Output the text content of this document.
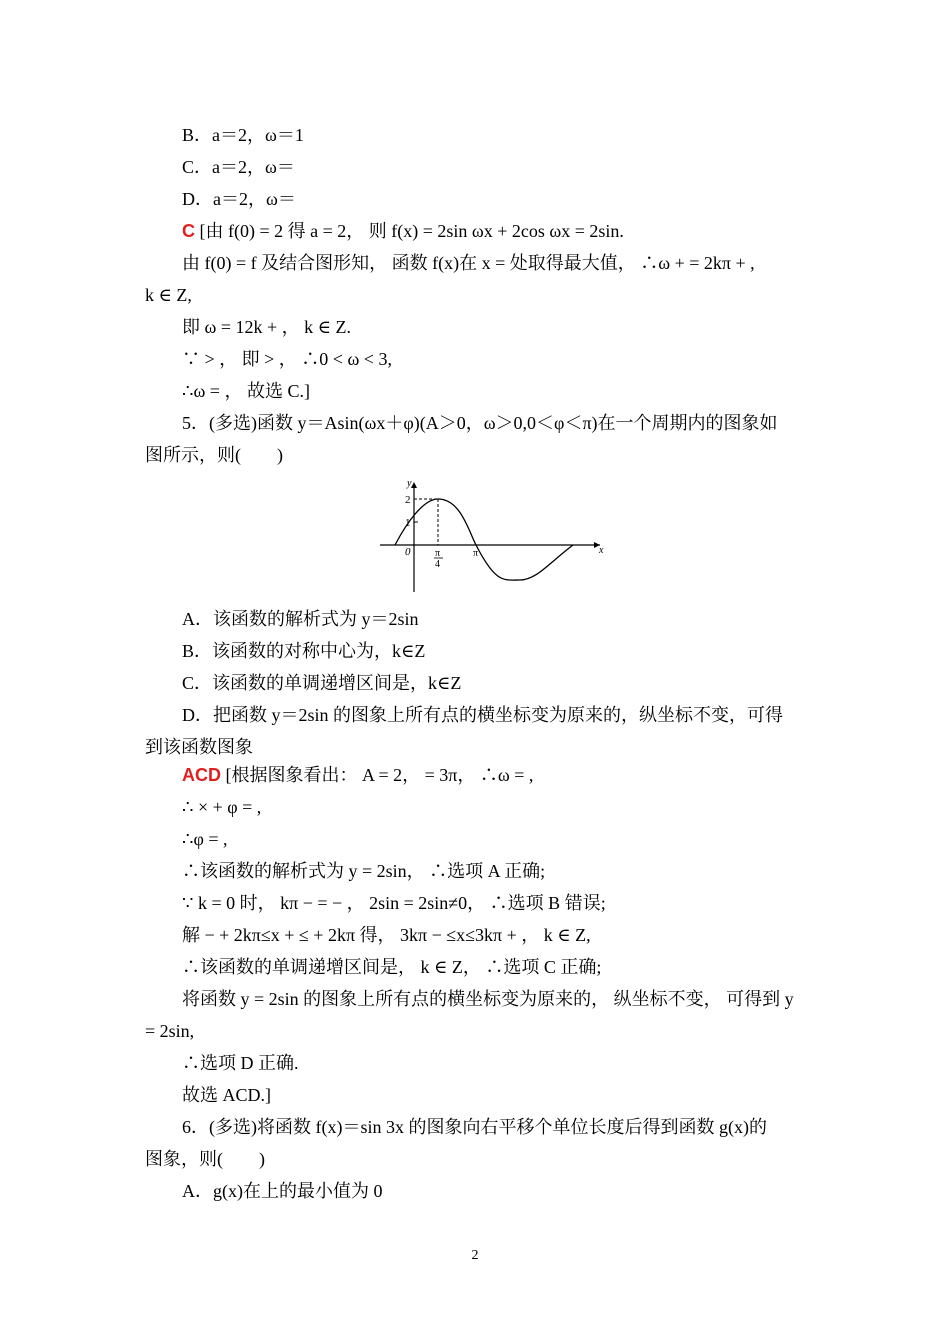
B．a＝2，ω＝1
C．a＝2，ω＝
D．a＝2，ω＝
C [由 f(0) = 2 得 a = 2， 则 f(x) = 2sin ωx + 2cos ωx = 2sin.
由 f(0) = f 及结合图形知， 函数 f(x)在 x = 处取得最大值， ∴ω + = 2kπ + ,
k ∈ Z,
即 ω = 12k + ， k ∈ Z.
∵ > ， 即 > ， ∴0 < ω < 3,
∴ω = ， 故选 C.]
5．(多选)函数 y＝Asin(ωx＋φ)(A＞0，ω＞0,0＜φ＜π)在一个周期内的图象如
图所示，则(　　)
y
x
2
1
0 π
4
π
A．该函数的解析式为 y＝2sin
B．该函数的对称中心为，k∈Z
C．该函数的单调递增区间是，k∈Z
D．把函数 y＝2sin 的图象上所有点的横坐标变为原来的，纵坐标不变，可得
到该函数图象
ACD [根据图象看出： A = 2， = 3π， ∴ω = ,
∴ × + φ = ,
∴φ = ,
∴该函数的解析式为 y = 2sin， ∴选项 A 正确;
∵ k = 0 时， kπ − = − ， 2sin = 2sin≠0， ∴选项 B 错误;
解 − + 2kπ≤x + ≤ + 2kπ 得， 3kπ − ≤x≤3kπ + ， k ∈ Z,
∴该函数的单调递增区间是， k ∈ Z， ∴选项 C 正确;
将函数 y = 2sin 的图象上所有点的横坐标变为原来的， 纵坐标不变， 可得到 y
= 2sin,
∴选项 D 正确.
故选 ACD.]
6．(多选)将函数 f(x)＝sin 3x 的图象向右平移个单位长度后得到函数 g(x)的
图象，则(　　)
A．g(x)在上的最小值为 0
2
